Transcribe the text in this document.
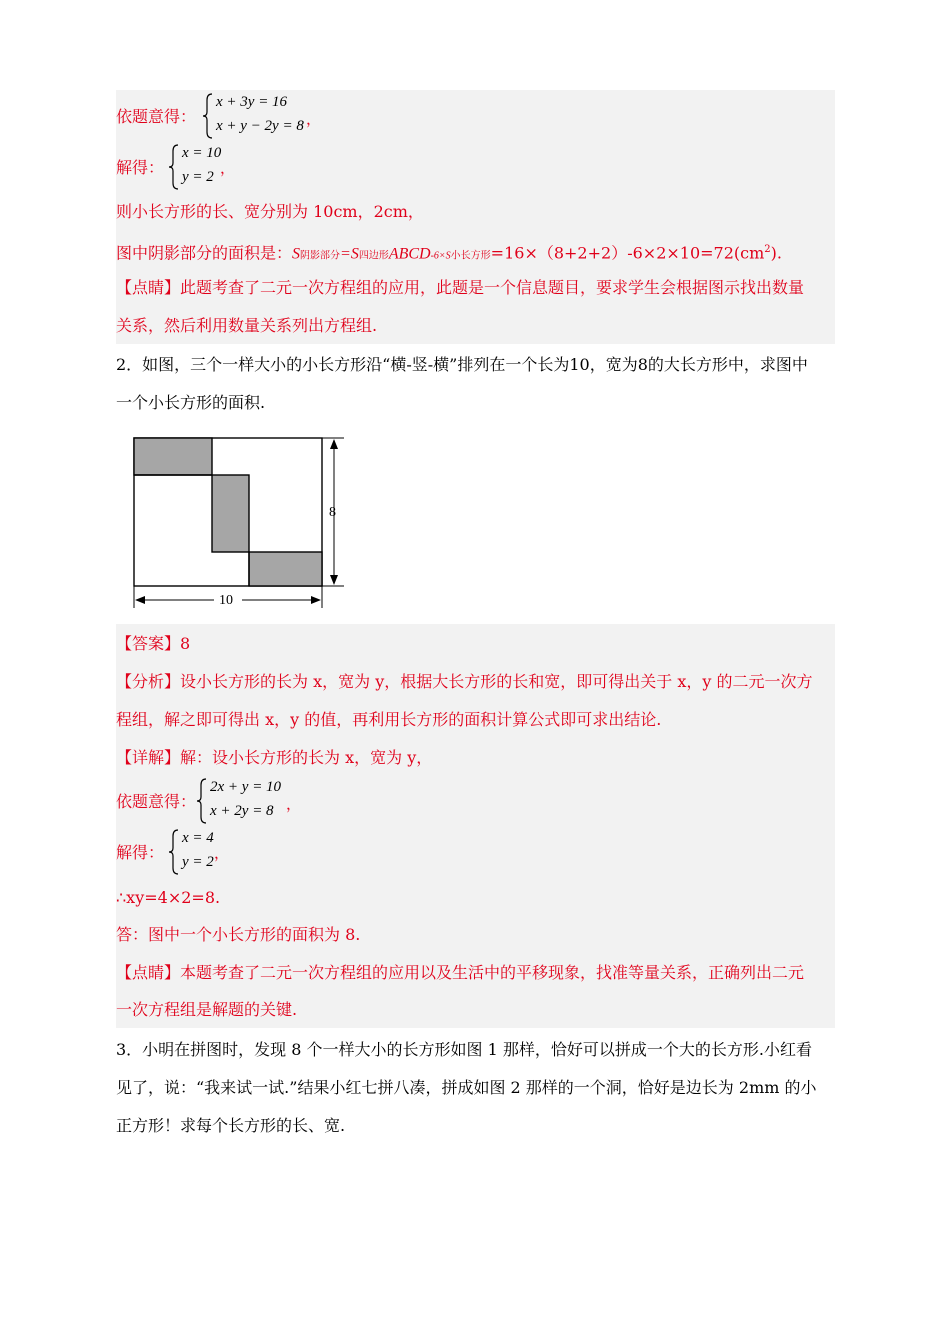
依题意得：
x + 3y = 16
x + y − 2y = 8 ，
解得：
x = 10
y = 2 ，
则小长方形的长、宽分别为 10cm，2cm，
图中阴影部分的面积是：S阴影部分=S四边形ABCD-6×S小长方形$=16\times(8+2+2)-6\times 2\times 10=72(cm^2)$.
【点睛】此题考查了二元一次方程组的应用，此题是一个信息题目，要求学生会根据图示找出数量
关系，然后利用数量关系列出方程组.
2．如图，三个一样大小的小长方形沿“横-竖-横”排列在一个长为10，宽为8的大长方形中，求图中
一个小长方形的面积.
8
10
【答案】8
【分析】设小长方形的长为 x，宽为 y，根据大长方形的长和宽，即可得出关于 x，y 的二元一次方
程组，解之即可得出 x，y 的值，再利用长方形的面积计算公式即可求出结论.
【详解】解：设小长方形的长为 x，宽为 y，
依题意得：
2x + y = 10
x + 2y = 8 ，
解得：
x = 4
y = 2 ，
∴xy=4×2=8.
答：图中一个小长方形的面积为 8.
【点睛】本题考查了二元一次方程组的应用以及生活中的平移现象，找准等量关系，正确列出二元
一次方程组是解题的关键.
3．小明在拼图时，发现 8 个一样大小的长方形如图 1 那样，恰好可以拼成一个大的长方形.小红看
见了，说：“我来试一试.”结果小红七拼八凑，拼成如图 2 那样的一个洞，恰好是边长为 2mm 的小
正方形！求每个长方形的长、宽.
